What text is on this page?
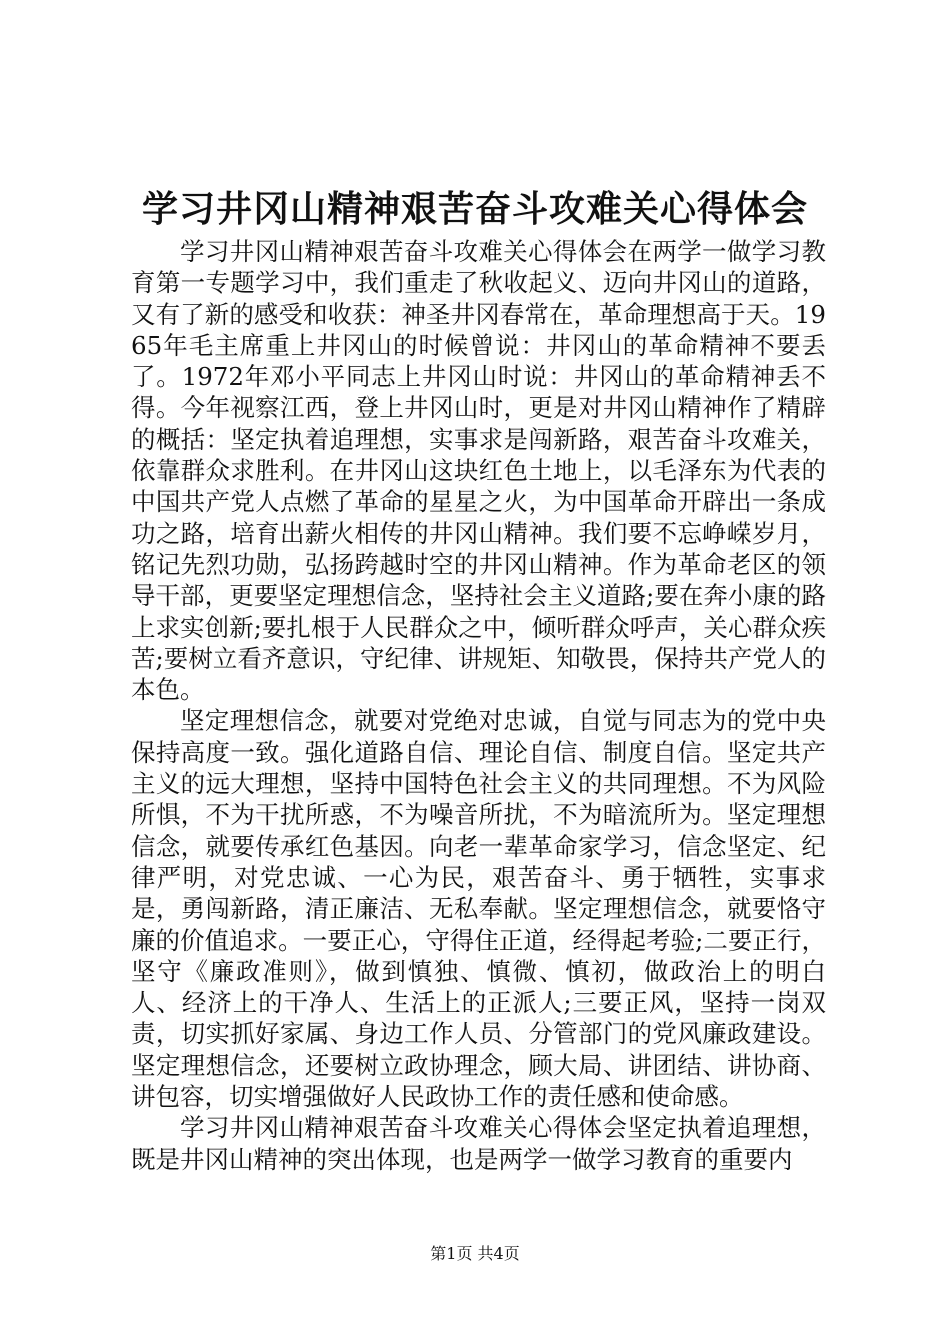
学习井冈山精神艰苦奋斗攻难关心得体会

学习井冈山精神艰苦奋斗攻难关心得体会在两学一做学习教育第一专题学习中，我们重走了秋收起义、迈向井冈山的道路，又有了新的感受和收获：神圣井冈春常在，革命理想高于天。1965年毛主席重上井冈山的时候曾说：井冈山的革命精神不要丢了。1972年邓小平同志上井冈山时说：井冈山的革命精神丢不得。今年视察江西，登上井冈山时，更是对井冈山精神作了精辟的概括：坚定执着追理想，实事求是闯新路，艰苦奋斗攻难关，依靠群众求胜利。在井冈山这块红色土地上，以毛泽东为代表的中国共产党人点燃了革命的星星之火，为中国革命开辟出一条成功之路，培育出薪火相传的井冈山精神。我们要不忘峥嵘岁月，铭记先烈功勋，弘扬跨越时空的井冈山精神。作为革命老区的领导干部，更要坚定理想信念，坚持社会主义道路;要在奔小康的路上求实创新;要扎根于人民群众之中，倾听群众呼声，关心群众疾苦;要树立看齐意识，守纪律、讲规矩、知敬畏，保持共产党人的本色。

坚定理想信念，就要对党绝对忠诚，自觉与同志为的党中央保持高度一致。强化道路自信、理论自信、制度自信。坚定共产主义的远大理想，坚持中国特色社会主义的共同理想。不为风险所惧，不为干扰所惑，不为噪音所扰，不为暗流所为。坚定理想信念，就要传承红色基因。向老一辈革命家学习，信念坚定、纪律严明，对党忠诚、一心为民，艰苦奋斗、勇于牺牲，实事求是，勇闯新路，清正廉洁、无私奉献。坚定理想信念，就要恪守廉的价值追求。一要正心，守得住正道，经得起考验;二要正行，坚守《廉政准则》，做到慎独、慎微、慎初，做政治上的明白人、经济上的干净人、生活上的正派人;三要正风，坚持一岗双责，切实抓好家属、身边工作人员、分管部门的党风廉政建设。坚定理想信念，还要树立政协理念，顾大局、讲团结、讲协商、讲包容，切实增强做好人民政协工作的责任感和使命感。

学习井冈山精神艰苦奋斗攻难关心得体会坚定执着追理想，既是井冈山精神的突出体现，也是两学一做学习教育的重要内

第1页 共4页
